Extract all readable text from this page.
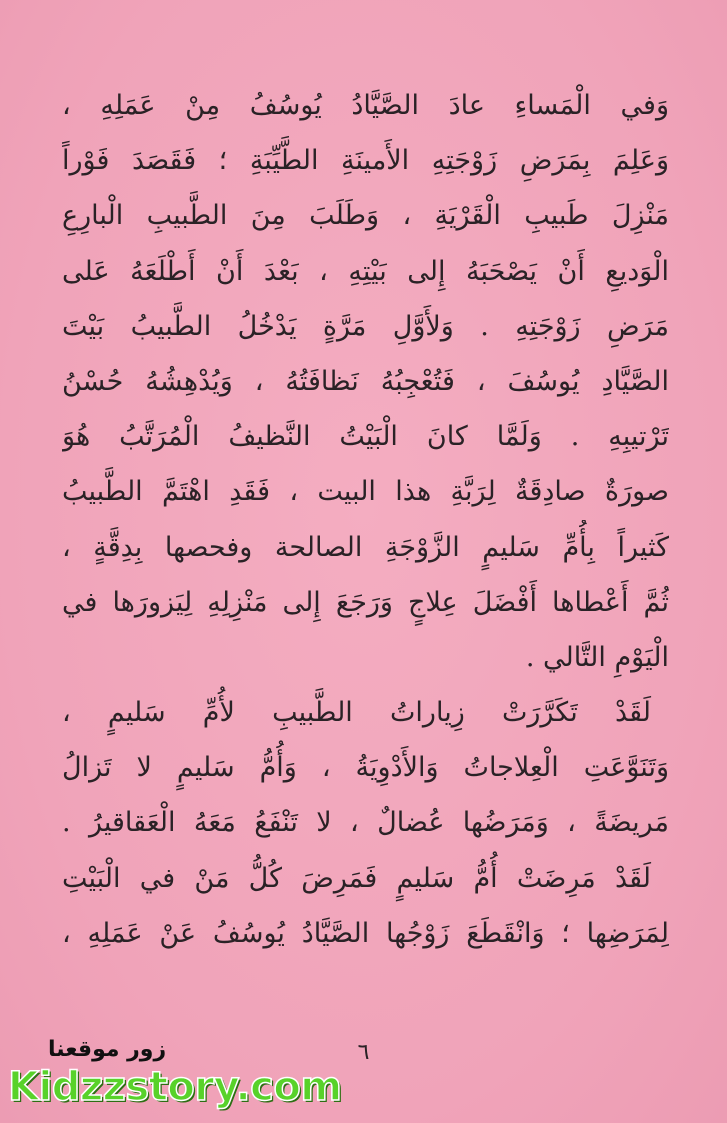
وَفي الْمَساءِ عادَ الصَّيَّادُ يُوسُفُ مِنْ عَمَلِهِ ،
وَعَلِمَ بِمَرَضِ زَوْجَتِهِ الأَمينَةِ الطَّيِّبَةِ ؛ فَقَصَدَ فَوْراً
مَنْزِلَ طَبيبِ الْقَرْيَةِ ، وَطَلَبَ مِنَ الطَّبيبِ الْبارِعِ
الْوَديعِ أَنْ يَصْحَبَهُ إِلى بَيْتِهِ ، بَعْدَ أَنْ أَطْلَعَهُ عَلى
مَرَضِ زَوْجَتِهِ . وَلأَوَّلِ مَرَّةٍ يَدْخُلُ الطَّبيبُ بَيْتَ
الصَّيَّادِ يُوسُفَ ، فَتُعْجِبُهُ نَظافَتُهُ ، وَيُدْهِشُهُ حُسْنُ
تَرْتيبِهِ . وَلَمَّا كانَ الْبَيْتُ النَّظيفُ الْمُرَتَّبُ هُوَ
صورَةٌ صادِقَةٌ لِرَبَّةِ هذا البيت ، فَقَدِ اهْتَمَّ الطَّبيبُ
كَثيراً بِأُمِّ سَليمٍ الزَّوْجَةِ الصالحة وفحصها بِدِقَّةٍ ،
ثُمَّ أَعْطاها أَفْضَلَ عِلاجٍ وَرَجَعَ إِلى مَنْزِلِهِ لِيَزورَها في
الْيَوْمِ التَّالي .
لَقَدْ تَكَرَّرَتْ زِياراتُ الطَّبيبِ لأُمِّ سَليمٍ ،
وَتَنَوَّعَتِ الْعِلاجاتُ وَالأَدْوِيَةُ ، وَأُمُّ سَليمٍ لا تَزالُ
مَريضَةً ، وَمَرَضُها عُضالٌ ، لا تَنْفَعُ مَعَهُ الْعَقاقيرُ .
لَقَدْ مَرِضَتْ أُمُّ سَليمٍ فَمَرِضَ كُلُّ مَنْ في الْبَيْتِ
لِمَرَضِها ؛ وَانْقَطَعَ زَوْجُها الصَّيَّادُ يُوسُفُ عَنْ عَمَلِهِ ،
٦
زور موقعنا
Kidzzstory.com
